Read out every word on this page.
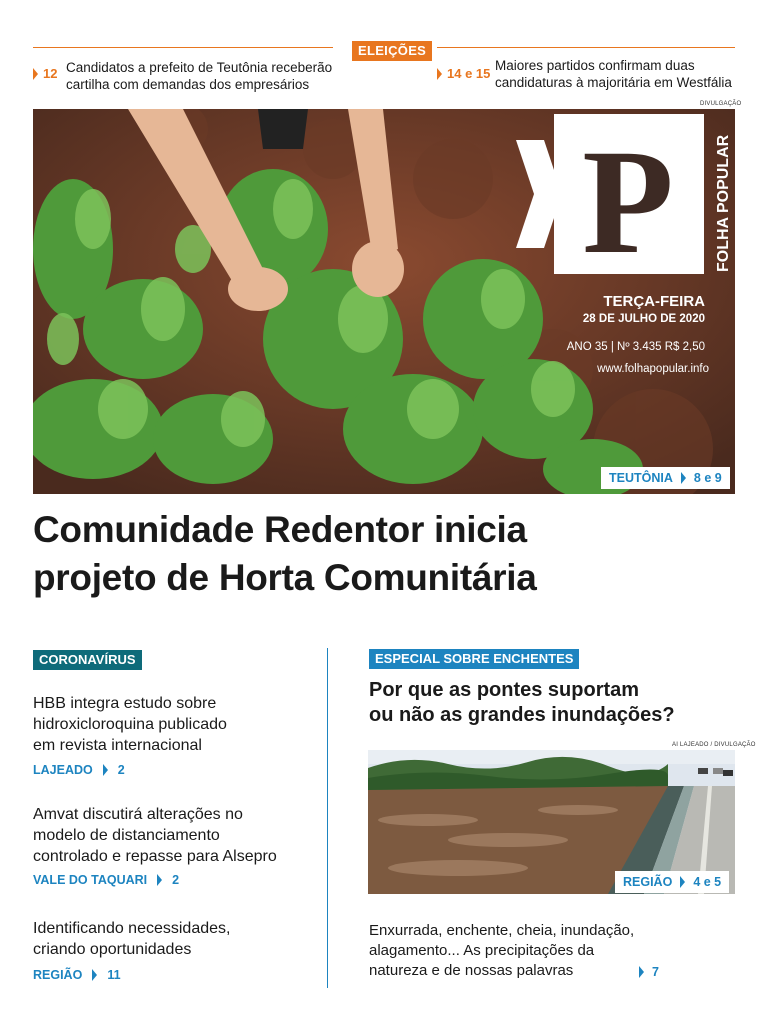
ELEIÇÕES
12 Candidatos a prefeito de Teutônia receberão
cartilha com demandas dos empresários
14 e 15
Maiores partidos confirmam duas
candidaturas à majoritária em Westfália
DIVULGAÇÃO
P	FOLHA POPULAR
TERÇA-FEIRA
28 DE JULHO DE 2020
ANO 35 | Nº 3.435 R$ 2,50
www.folhapopular.info
TEUTÔNIA 8 e 9
Comunidade Redentor inicia
projeto de Horta Comunitária
CORONAVÍRUS
HBB integra estudo sobre
hidroxicloroquina publicado
em revista internacional
LAJEADO 2
Amvat discutirá alterações no
modelo de distanciamento
controlado e repasse para Alsepro
VALE DO TAQUARI 2
Identificando necessidades,
criando oportunidades
REGIÃO 11
ESPECIAL SOBRE ENCHENTES
Por que as pontes suportam
ou não as grandes inundações?
AI LAJEADO / DIVULGAÇÃO
REGIÃO 4 e 5
Enxurrada, enchente, cheia, inundação,
alagamento... As precipitações da
natureza e de nossas palavras	7
